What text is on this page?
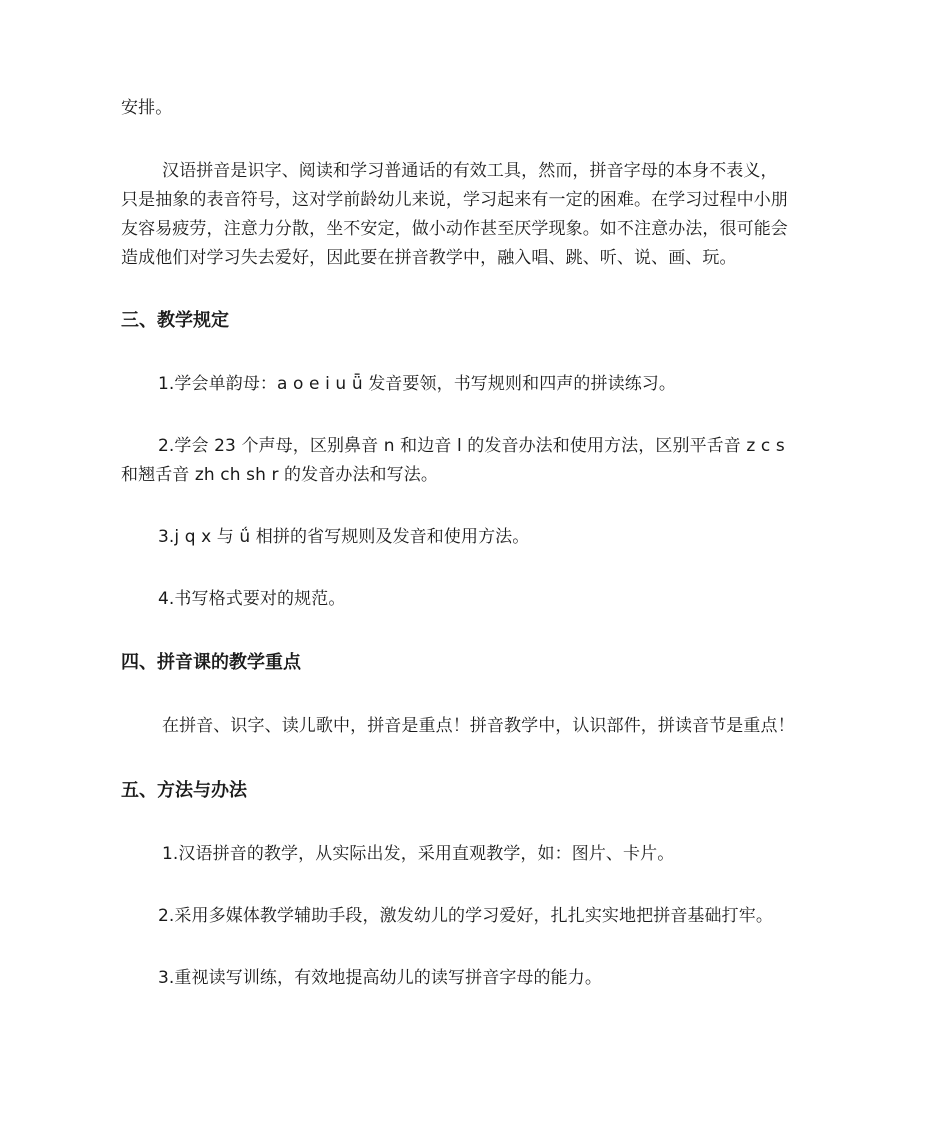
安排。
汉语拼音是识字、阅读和学习普通话的有效工具，然而，拼音字母的本身不表义，
只是抽象的表音符号，这对学前龄幼儿来说，学习起来有一定的困难。在学习过程中小朋
友容易疲劳，注意力分散，坐不安定，做小动作甚至厌学现象。如不注意办法，很可能会
造成他们对学习失去爱好，因此要在拼音教学中，融入唱、跳、听、说、画、玩。
三、教学规定
1.学会单韵母：a o e i u ǖ 发音要领，书写规则和四声的拼读练习。
2.学会 23 个声母，区别鼻音 n 和边音 l 的发音办法和使用方法，区别平舌音 z c s
和翘舌音 zh ch sh r 的发音办法和写法。
3.j q x 与 ǘ 相拼的省写规则及发音和使用方法。
4.书写格式要对的规范。
四、拼音课的教学重点
在拼音、识字、读儿歌中，拼音是重点！拼音教学中，认识部件，拼读音节是重点！
五、方法与办法
1.汉语拼音的教学，从实际出发，采用直观教学，如：图片、卡片。
2.采用多媒体教学辅助手段，激发幼儿的学习爱好，扎扎实实地把拼音基础打牢。
3.重视读写训练，有效地提高幼儿的读写拼音字母的能力。
